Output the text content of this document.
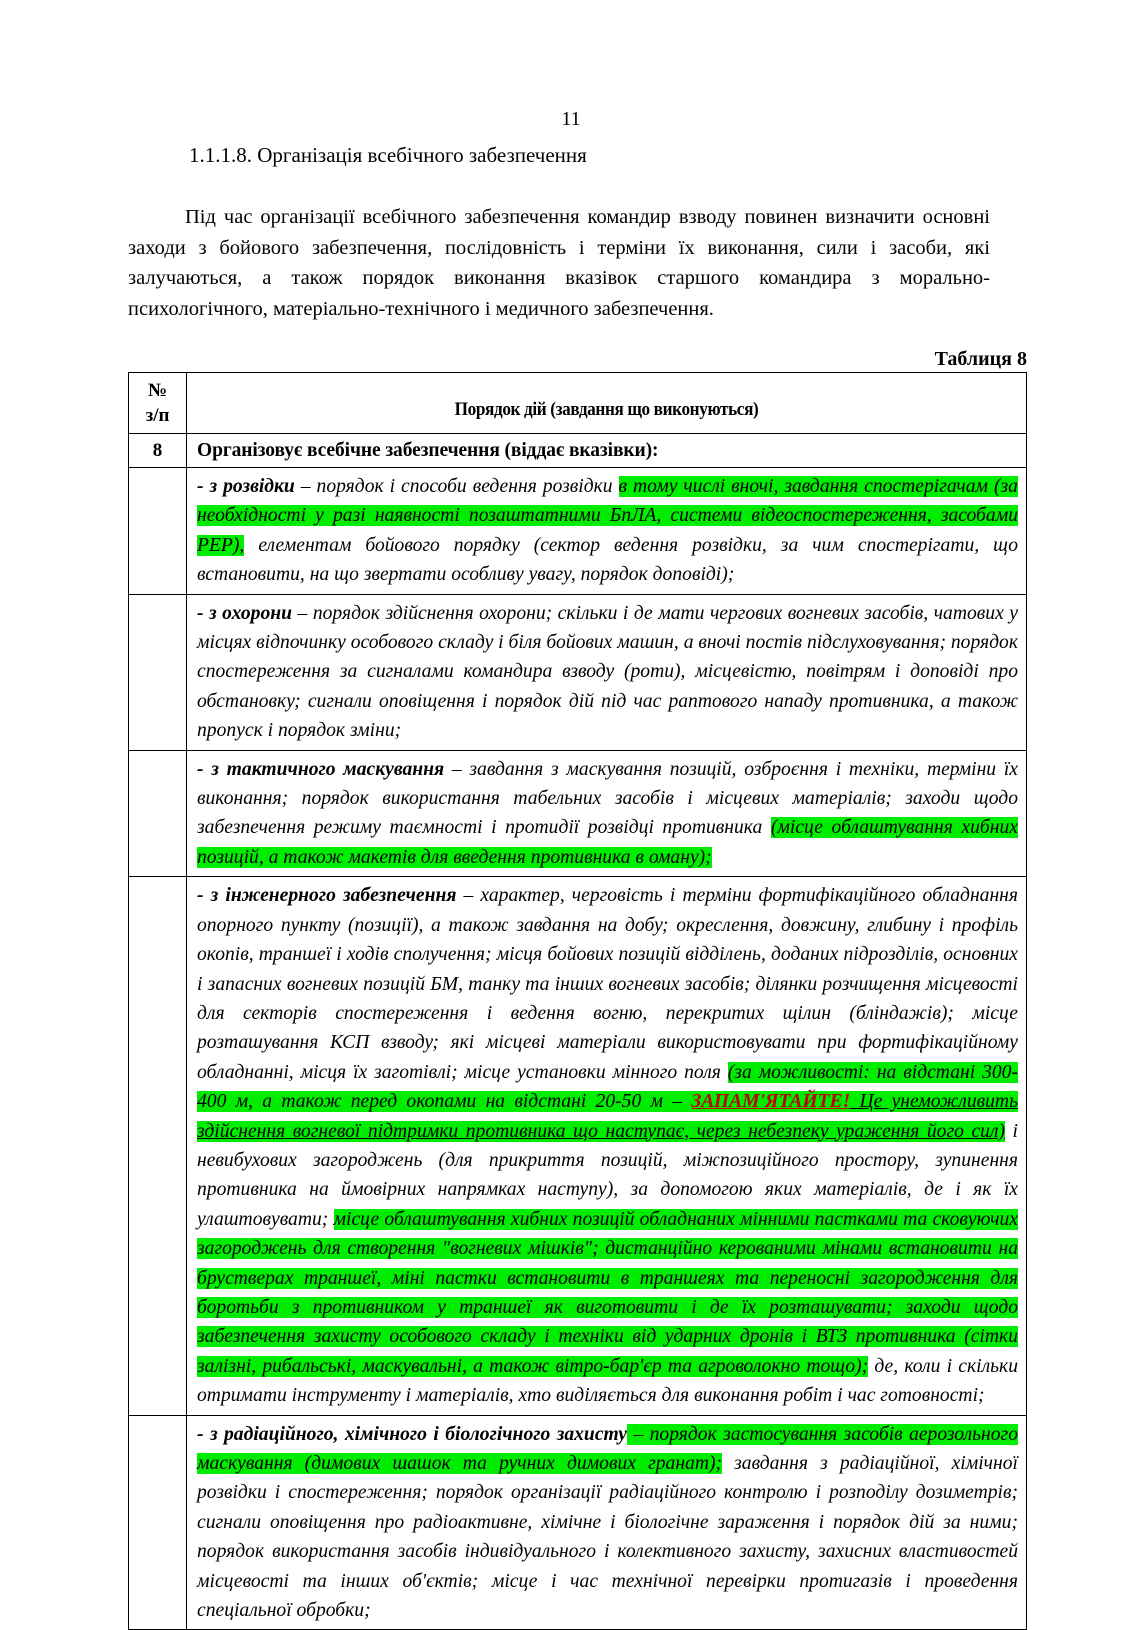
11
1.1.1.8. Організація всебічного забезпечення
Під час організації всебічного забезпечення командир взводу повинен визначити основні заходи з бойового забезпечення, послідовність і терміни їх виконання, сили і засоби, які залучаються, а також порядок виконання вказівок старшого командира з морально-психологічного, матеріально-технічного і медичного забезпечення.
Таблиця 8
№
з/п	Порядок дій (завдання що виконуються)

8	Організовує всебічне забезпечення (віддає вказівки):

	- з розвідки – порядок і способи ведення розвідки в тому числі вночі, завдання спостерігачам (за необхідності у разі наявності позаштатними БпЛА, системи відеоспостереження, засобами РЕР), елементам бойового порядку (сектор ведення розвідки, за чим спостерігати, що встановити, на що звертати особливу увагу, порядок доповіді);

	- з охорони – порядок здійснення охорони; скільки і де мати чергових вогневих засобів, чатових у місцях відпочинку особового складу і біля бойових машин, а вночі постів підслуховування; порядок спостереження за сигналами командира взводу (роти), місцевістю, повітрям і доповіді про обстановку; сигнали оповіщення і порядок дій під час раптового нападу противника, а також пропуск і порядок зміни;

	- з тактичного маскування – завдання з маскування позицій, озброєння і техніки, терміни їх виконання; порядок використання табельних засобів і місцевих матеріалів; заходи щодо забезпечення режиму таємності і протидії розвідці противника (місце облаштування хибних позицій, а також макетів для введення противника в оману);

	- з інженерного забезпечення – характер, черговість і терміни фортифікаційного обладнання опорного пункту (позиції), а також завдання на добу; окреслення, довжину, глибину і профіль окопів, траншеї і ходів сполучення; місця бойових позицій відділень, доданих підрозділів, основних і запасних вогневих позицій БМ, танку та інших вогневих засобів; ділянки розчищення місцевості для секторів спостереження і ведення вогню, перекритих щілин (бліндажів); місце розташування КСП взводу; які місцеві матеріали використовувати при фортифікаційному обладнанні, місця їх заготівлі; місце установки мінного поля (за можливості: на відстані 300-400 м, а також перед окопами на відстані 20-50 м – ЗАПАМ'ЯТАЙТЕ! Це унеможливить здійснення вогневої підтримки противника що наступає, через небезпеку ураження його сил) і невибухових загороджень (для прикриття позицій, міжпозиційного простору, зупинення противника на ймовірних напрямках наступу), за допомогою яких матеріалів, де і як їх улаштовувати; місце облаштування хибних позицій обладнаних мінними пастками та сковуючих загороджень для створення "вогневих мішків"; дистанційно керованими мінами встановити на брустверах траншеї, міні пастки встановити в траншеях та переносні загородження для боротьби з противником у траншеї як виготовити і де їх розташувати; заходи щодо забезпечення захисту особового складу і техніки від ударних дронів і ВТЗ противника (сітки залізні, рибальські, маскувальні, а також вітро-бар'єр та агроволокно тощо); де, коли і скільки отримати інструменту і матеріалів, хто виділяється для виконання робіт і час готовності;

	- з радіаційного, хімічного і біологічного захисту – порядок застосування засобів аерозольного маскування (димових шашок та ручних димових гранат); завдання з радіаційної, хімічної розвідки і спостереження; порядок організації радіаційного контролю і розподілу дозиметрів; сигнали оповіщення про радіоактивне, хімічне і біологічне зараження і порядок дій за ними; порядок використання засобів індивідуального і колективного захисту, захисних властивостей місцевості та інших об'єктів; місце і час технічної перевірки протигазів і проведення спеціальної обробки;
